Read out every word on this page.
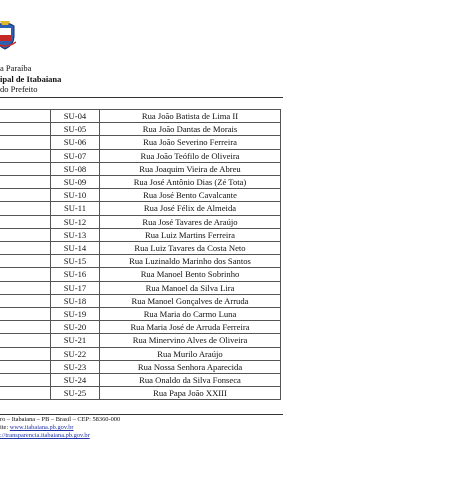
a Paraíba
ipal de Itabaiana
do Prefeito
	SU-04	Rua João Batista de Lima II
	SU-05	Rua João Dantas de Morais
	SU-06	Rua João Severino Ferreira
	SU-07	Rua João Teófilo de Oliveira
	SU-08	Rua Joaquim Vieira de Abreu
	SU-09	Rua José Antônio Dias (Zé Tota)
	SU-10	Rua José Bento Cavalcante
	SU-11	Rua José Félix de Almeida
	SU-12	Rua José Tavares de Araújo
	SU-13	Rua Luiz Martins Ferreira
	SU-14	Rua Luiz Tavares da Costa Neto
	SU-15	Rua Luzinaldo Marinho dos Santos
	SU-16	Rua Manoel Bento Sobrinho
	SU-17	Rua Manoel da Silva Lira
	SU-18	Rua Manoel Gonçalves de Arruda
	SU-19	Rua Maria do Carmo Luna
	SU-20	Rua Maria José de Arruda Ferreira
	SU-21	Rua Minervino Alves de Oliveira
	SU-22	Rua Murilo Araújo
	SU-23	Rua Nossa Senhora Aparecida
	SU-24	Rua Onaldo da Silva Fonseca
	SU-25	Rua Papa João XXIII
ro – Itabaiana – PB – Brasil – CEP: 58360-000
ite: www.itabaiana.pb.gov.br
://transparencia.itabaiana.pb.gov.br
